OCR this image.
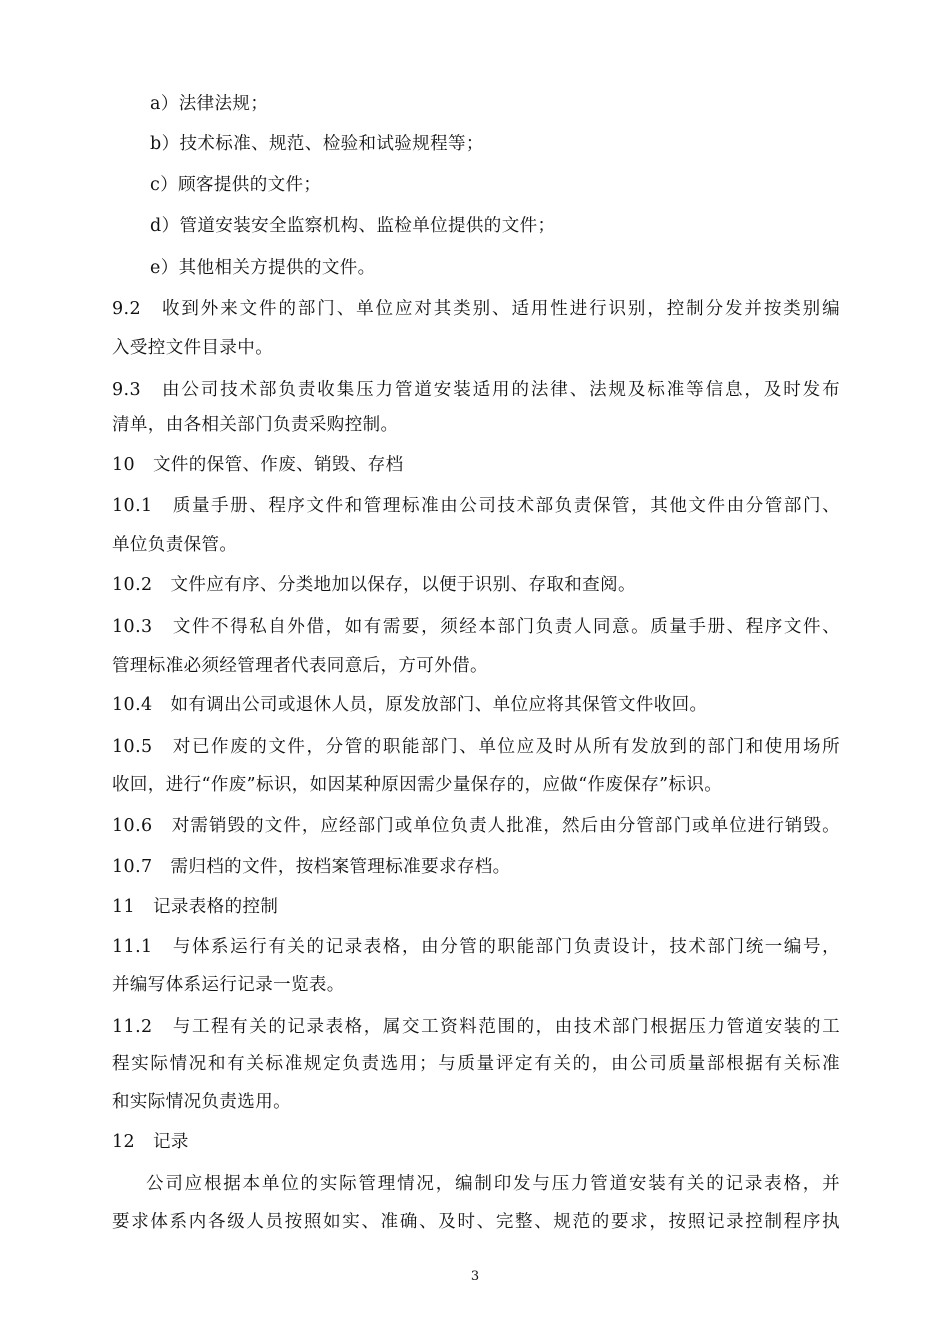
a）法律法规；
b）技术标准、规范、检验和试验规程等；
c）顾客提供的文件；
d）管道安装安全监察机构、监检单位提供的文件；
e）其他相关方提供的文件。
9.2　收到外来文件的部门、单位应对其类别、适用性进行识别，控制分发并按类别编
入受控文件目录中。
9.3　由公司技术部负责收集压力管道安装适用的法律、法规及标准等信息，及时发布
清单，由各相关部门负责采购控制。
10　文件的保管、作废、销毁、存档
10.1　质量手册、程序文件和管理标准由公司技术部负责保管，其他文件由分管部门、
单位负责保管。
10.2　文件应有序、分类地加以保存，以便于识别、存取和查阅。
10.3　文件不得私自外借，如有需要，须经本部门负责人同意。质量手册、程序文件、
管理标准必须经管理者代表同意后，方可外借。
10.4　如有调出公司或退休人员，原发放部门、单位应将其保管文件收回。
10.5　对已作废的文件，分管的职能部门、单位应及时从所有发放到的部门和使用场所
收回，进行“作废”标识，如因某种原因需少量保存的，应做“作废保存”标识。
10.6　对需销毁的文件，应经部门或单位负责人批准，然后由分管部门或单位进行销毁。
10.7　需归档的文件，按档案管理标准要求存档。
11　记录表格的控制
11.1　与体系运行有关的记录表格，由分管的职能部门负责设计，技术部门统一编号，
并编写体系运行记录一览表。
11.2　与工程有关的记录表格，属交工资料范围的，由技术部门根据压力管道安装的工
程实际情况和有关标准规定负责选用；与质量评定有关的，由公司质量部根据有关标准
和实际情况负责选用。
12　记录
公司应根据本单位的实际管理情况，编制印发与压力管道安装有关的记录表格，并
要求体系内各级人员按照如实、准确、及时、完整、规范的要求，按照记录控制程序执
3
